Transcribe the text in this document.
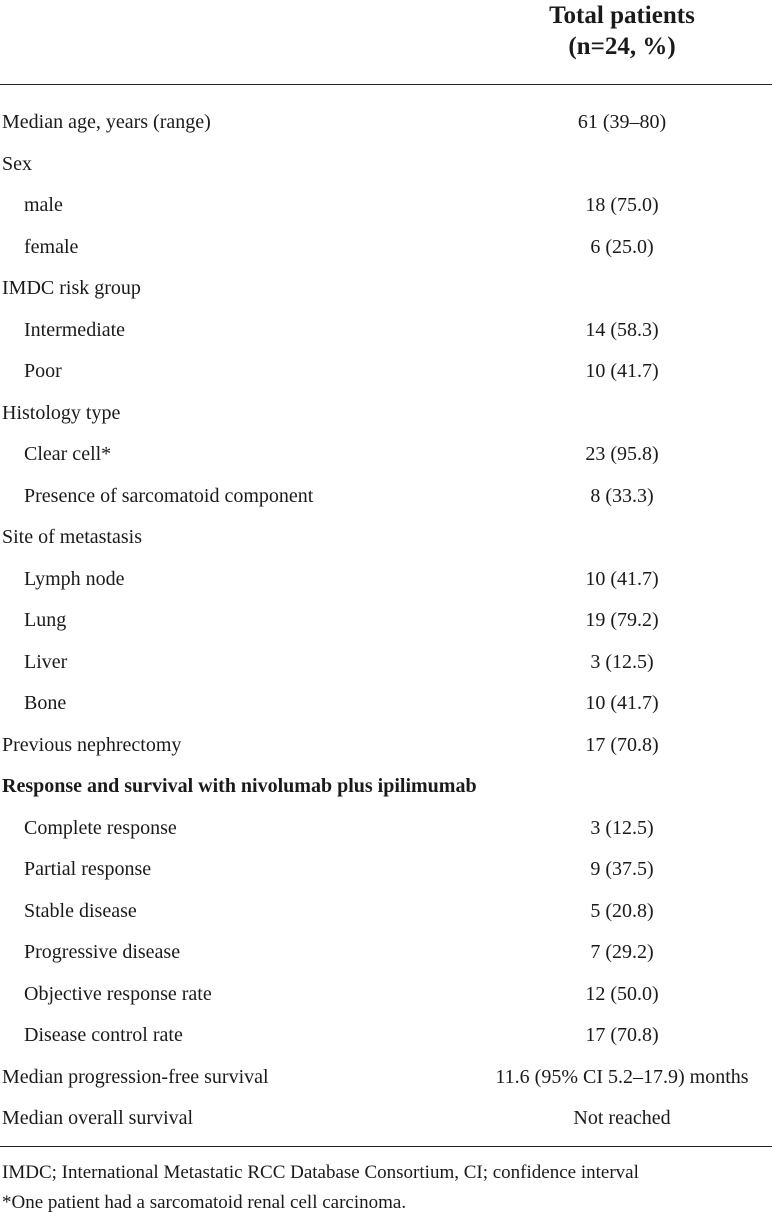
Total patients
(n=24, %)
Median age, years (range)	61 (39–80)
Sex
male	18 (75.0)
female	6 (25.0)
IMDC risk group
Intermediate	14 (58.3)
Poor	10 (41.7)
Histology type
Clear cell*	23 (95.8)
Presence of sarcomatoid component	8 (33.3)
Site of metastasis
Lymph node	10 (41.7)
Lung	19 (79.2)
Liver	3 (12.5)
Bone	10 (41.7)
Previous nephrectomy	17 (70.8)
Response and survival with nivolumab plus ipilimumab
Complete response	3 (12.5)
Partial response	9 (37.5)
Stable disease	5 (20.8)
Progressive disease	7 (29.2)
Objective response rate	12 (50.0)
Disease control rate	17 (70.8)
Median progression-free survival	11.6 (95% CI 5.2–17.9) months
Median overall survival	Not reached
IMDC; International Metastatic RCC Database Consortium, CI; confidence interval
*One patient had a sarcomatoid renal cell carcinoma.
